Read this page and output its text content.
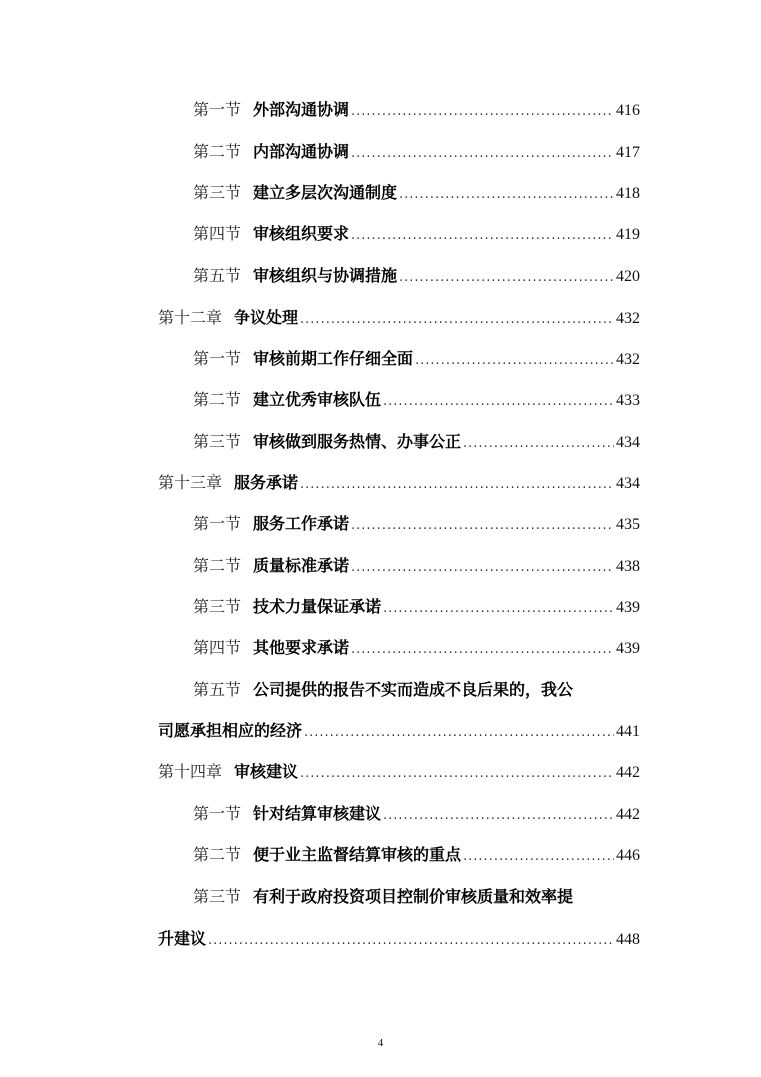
第一节 外部沟通协调 .....	416
第二节 内部沟通协调 .....	417
第三节 建立多层次沟通制度 .....	418
第四节 审核组织要求 .....	419
第五节 审核组织与协调措施 .....	420
第十二章 争议处理 .....	432
第一节 审核前期工作仔细全面 .....	432
第二节 建立优秀审核队伍 .....	433
第三节 审核做到服务热情、办事公正 .....	434
第十三章 服务承诺 .....	434
第一节 服务工作承诺 .....	435
第二节 质量标准承诺 .....	438
第三节 技术力量保证承诺 .....	439
第四节 其他要求承诺 .....	439
第五节 公司提供的报告不实而造成不良后果的，我公
司愿承担相应的经济 .....	441
第十四章 审核建议 .....	442
第一节 针对结算审核建议 .....	442
第二节 便于业主监督结算审核的重点 .....	446
第三节 有利于政府投资项目控制价审核质量和效率提
升建议 .....	448
4
